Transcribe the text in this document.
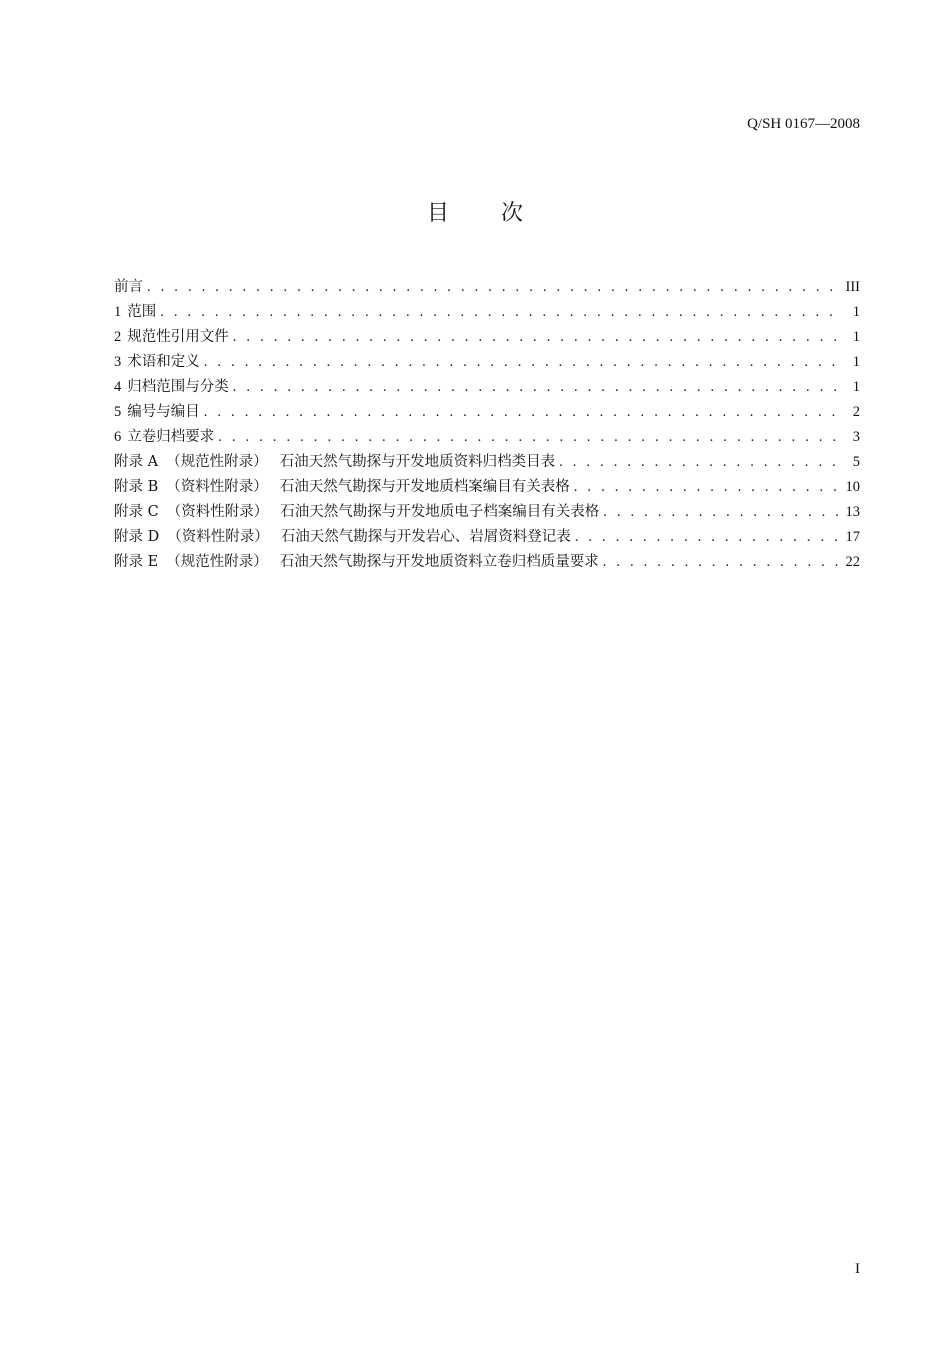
Q/SH 0167—2008
目 次
前言 . . .	III
1 范围 . . .	1
2 规范性引用文件 . . .	1
3 术语和定义 . . .	1
4 归档范围与分类 . . .	1
5 编号与编目 . . .	2
6 立卷归档要求 . . .	3
附录 A （规范性附录） 石油天然气勘探与开发地质资料归档类目表 . . .	5
附录 B （资料性附录） 石油天然气勘探与开发地质档案编目有关表格 . . .	10
附录 C （资料性附录） 石油天然气勘探与开发地质电子档案编目有关表格 . . .	13
附录 D （资料性附录） 石油天然气勘探与开发岩心、岩屑资料登记表 . . .	17
附录 E （规范性附录） 石油天然气勘探与开发地质资料立卷归档质量要求 . . .	22
I
